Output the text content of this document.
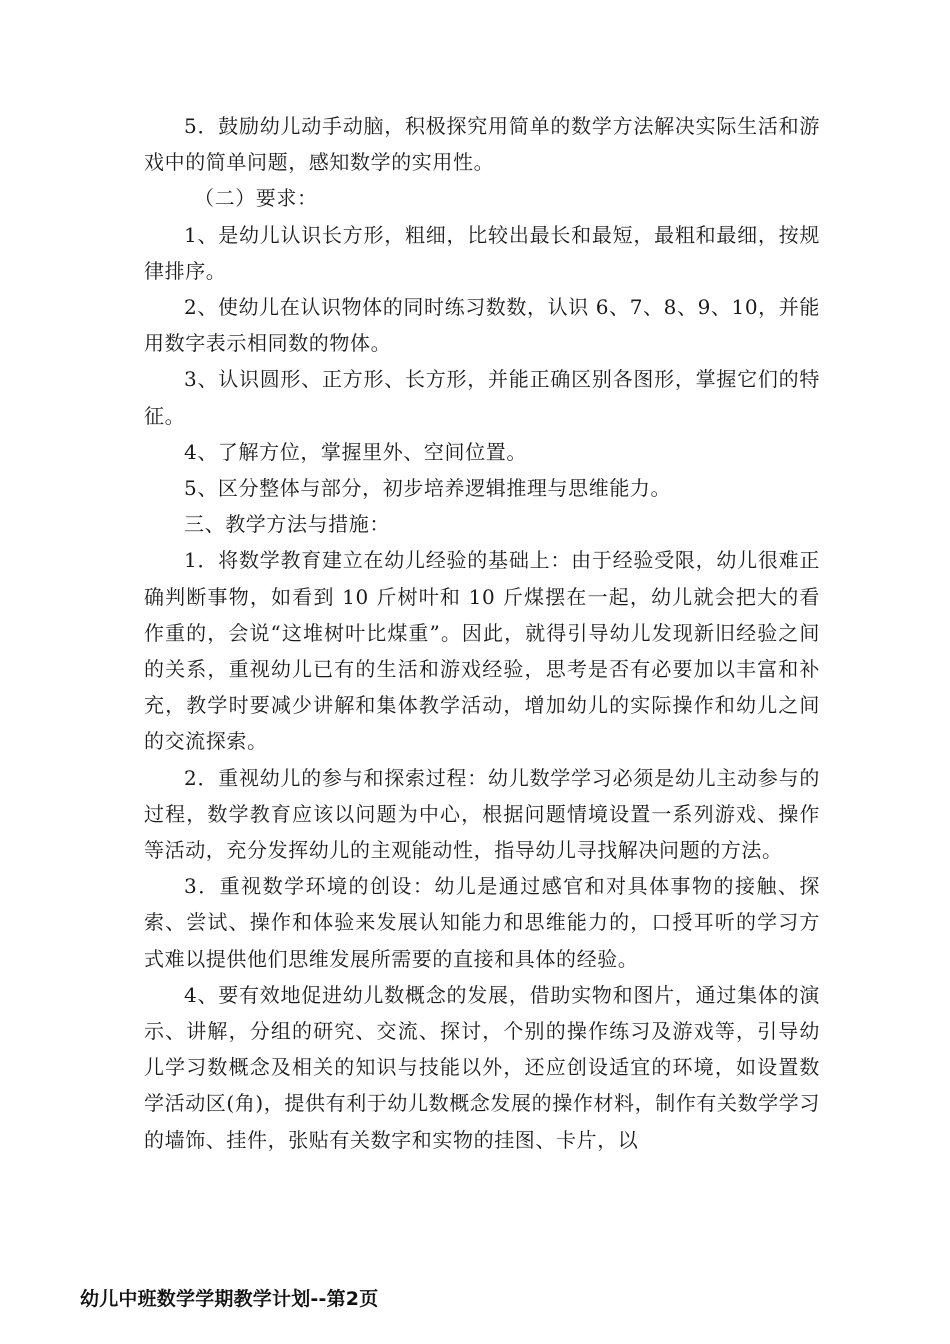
5．鼓励幼儿动手动脑，积极探究用简单的数学方法解决实际生活和游戏中的简单问题，感知数学的实用性。

（二）要求：

1、是幼儿认识长方形，粗细，比较出最长和最短，最粗和最细，按规律排序。

2、使幼儿在认识物体的同时练习数数，认识 6、7、8、9、10，并能用数字表示相同数的物体。

3、认识圆形、正方形、长方形，并能正确区别各图形，掌握它们的特征。

4、了解方位，掌握里外、空间位置。

5、区分整体与部分，初步培养逻辑推理与思维能力。

三、教学方法与措施：

1．将数学教育建立在幼儿经验的基础上：由于经验受限，幼儿很难正确判断事物，如看到 10 斤树叶和 10 斤煤摆在一起，幼儿就会把大的看作重的，会说“这堆树叶比煤重”。因此，就得引导幼儿发现新旧经验之间的关系，重视幼儿已有的生活和游戏经验，思考是否有必要加以丰富和补充，教学时要减少讲解和集体教学活动，增加幼儿的实际操作和幼儿之间的交流探索。

2．重视幼儿的参与和探索过程：幼儿数学学习必须是幼儿主动参与的过程，数学教育应该以问题为中心，根据问题情境设置一系列游戏、操作等活动，充分发挥幼儿的主观能动性，指导幼儿寻找解决问题的方法。

3．重视数学环境的创设：幼儿是通过感官和对具体事物的接触、探索、尝试、操作和体验来发展认知能力和思维能力的，口授耳听的学习方式难以提供他们思维发展所需要的直接和具体的经验。

4、要有效地促进幼儿数概念的发展，借助实物和图片，通过集体的演示、讲解，分组的研究、交流、探讨，个别的操作练习及游戏等，引导幼儿学习数概念及相关的知识与技能以外，还应创设适宜的环境，如设置数学活动区(角)，提供有利于幼儿数概念发展的操作材料，制作有关数学学习的墙饰、挂件，张贴有关数字和实物的挂图、卡片，以

幼儿中班数学学期教学计划--第2页
